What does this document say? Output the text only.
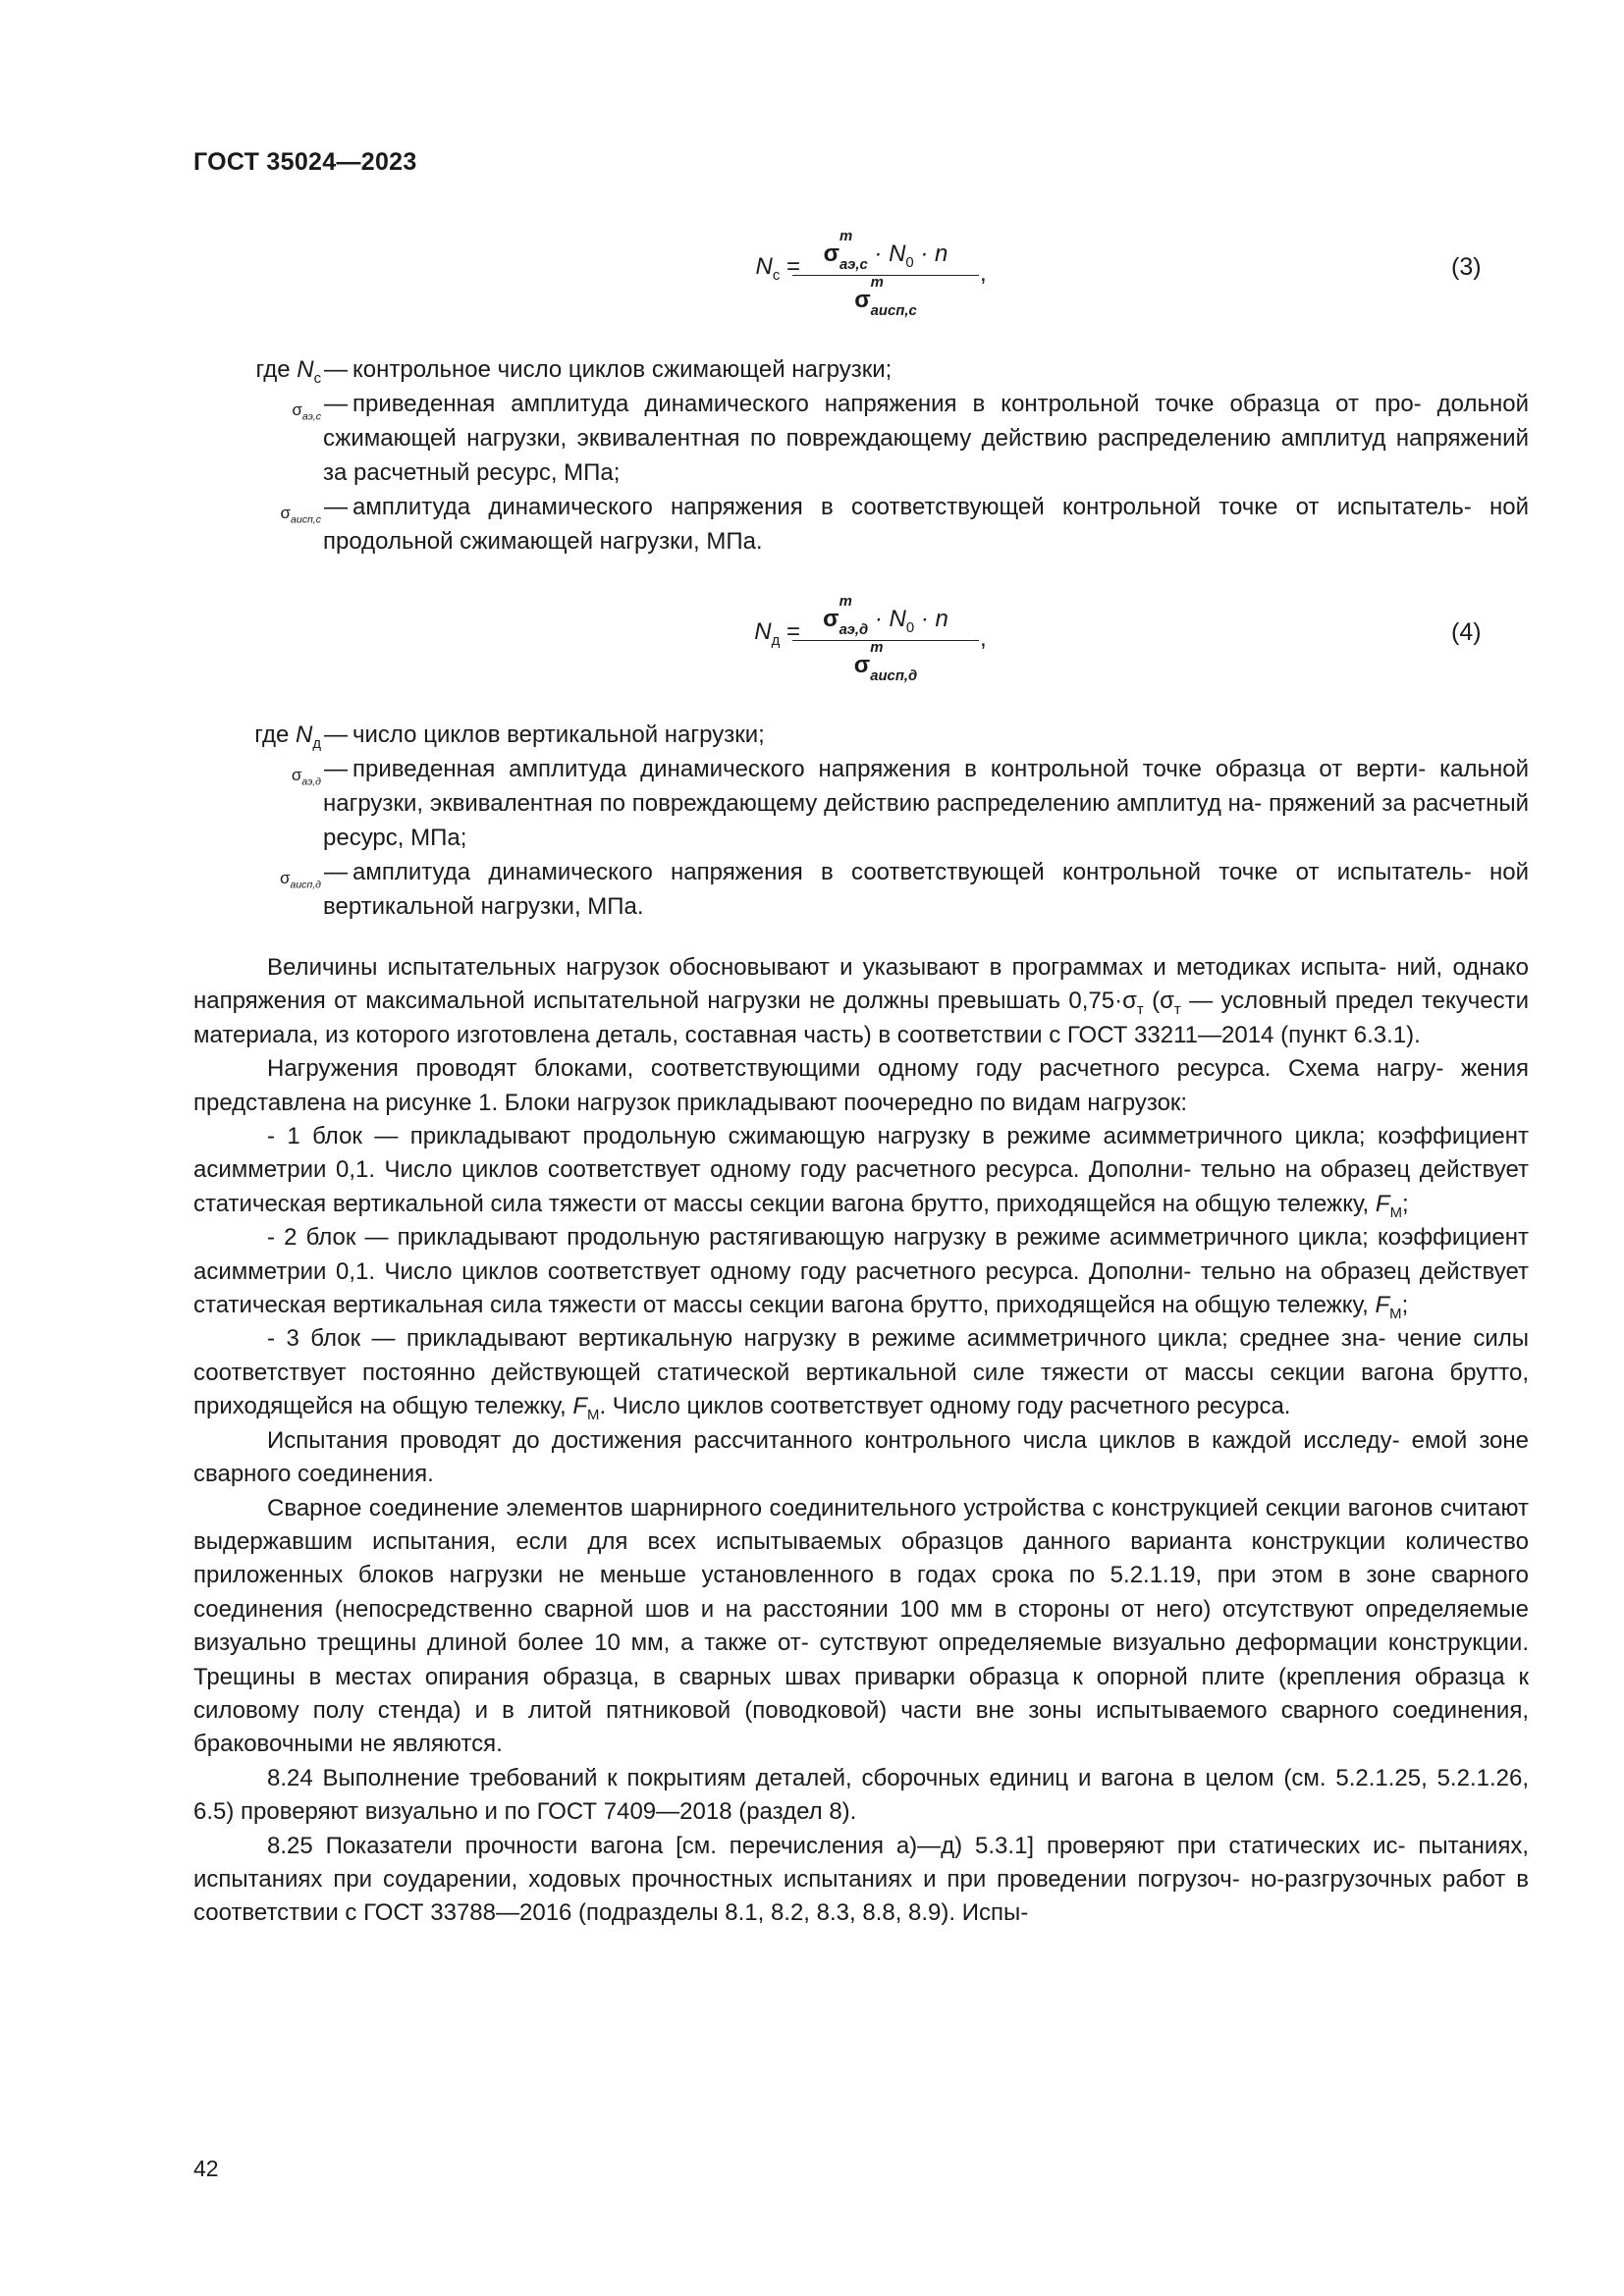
ГОСТ 35024—2023
$N_с = \sigma$
m
$_{аэ,с} \cdot N_0 \cdot n$
σ
m
$_{аисп,с}$
,	(3)
где $N_с$ — контрольное число циклов сжимающей нагрузки;
$\sigma_{аэ,с}$ — приведенная амплитуда динамического напряжения в контрольной точке образца от про- дольной сжимающей нагрузки, эквивалентная по повреждающему действию распределению амплитуд напряжений за расчетный ресурс, МПа;
$\sigma_{аисп,с}$ — амплитуда динамического напряжения в соответствующей контрольной точке от испытатель- ной продольной сжимающей нагрузки, МПа.
$N_д = \sigma$
m
$_{аэ,д} \cdot N_0 \cdot n$
σ
m
$_{аисп,д}$
,	(4)
где $N_д$ — число циклов вертикальной нагрузки;
$\sigma_{аэ,д}$ — приведенная амплитуда динамического напряжения в контрольной точке образца от верти- кальной нагрузки, эквивалентная по повреждающему действию распределению амплитуд на- пряжений за расчетный ресурс, МПа;
$\sigma_{аисп,д}$ — амплитуда динамического напряжения в соответствующей контрольной точке от испытатель- ной вертикальной нагрузки, МПа.

Величины испытательных нагрузок обосновывают и указывают в программах и методиках испыта- ний, однако напряжения от максимальной испытательной нагрузки не должны превышать $0,75\cdot\sigma_т$ ($\sigma_т$ — условный предел текучести материала, из которого изготовлена деталь, составная часть) в соответствии с ГОСТ 33211—2014 (пункт 6.3.1).

Нагружения проводят блоками, соответствующими одному году расчетного ресурса. Схема нагру- жения представлена на рисунке 1. Блоки нагрузок прикладывают поочередно по видам нагрузок:

- 1 блок — прикладывают продольную сжимающую нагрузку в режиме асимметричного цикла; коэффициент асимметрии 0,1. Число циклов соответствует одному году расчетного ресурса. Дополни- тельно на образец действует статическая вертикальной сила тяжести от массы секции вагона брутто, приходящейся на общую тележку, $F_М$;

- 2 блок — прикладывают продольную растягивающую нагрузку в режиме асимметричного цикла; коэффициент асимметрии 0,1. Число циклов соответствует одному году расчетного ресурса. Дополни- тельно на образец действует статическая вертикальная сила тяжести от массы секции вагона брутто, приходящейся на общую тележку, $F_М$;

- 3 блок — прикладывают вертикальную нагрузку в режиме асимметричного цикла; среднее зна- чение силы соответствует постоянно действующей статической вертикальной силе тяжести от массы секции вагона брутто, приходящейся на общую тележку, $F_М$. Число циклов соответствует одному году расчетного ресурса.

Испытания проводят до достижения рассчитанного контрольного числа циклов в каждой исследу- емой зоне сварного соединения.

Сварное соединение элементов шарнирного соединительного устройства с конструкцией секции вагонов считают выдержавшим испытания, если для всех испытываемых образцов данного варианта конструкции количество приложенных блоков нагрузки не меньше установленного в годах срока по 5.2.1.19, при этом в зоне сварного соединения (непосредственно сварной шов и на расстоянии 100 мм в стороны от него) отсутствуют определяемые визуально трещины длиной более 10 мм, а также от- сутствуют определяемые визуально деформации конструкции. Трещины в местах опирания образца, в сварных швах приварки образца к опорной плите (крепления образца к силовому полу стенда) и в литой пятниковой (поводковой) части вне зоны испытываемого сварного соединения, браковочными не являются.

8.24 Выполнение требований к покрытиям деталей, сборочных единиц и вагона в целом (см. 5.2.1.25, 5.2.1.26, 6.5) проверяют визуально и по ГОСТ 7409—2018 (раздел 8).

8.25 Показатели прочности вагона [см. перечисления а)—д) 5.3.1] проверяют при статических ис- пытаниях, испытаниях при соударении, ходовых прочностных испытаниях и при проведении погрузоч- но-разгрузочных работ в соответствии с ГОСТ 33788—2016 (подразделы 8.1, 8.2, 8.3, 8.8, 8.9). Испы-

42
